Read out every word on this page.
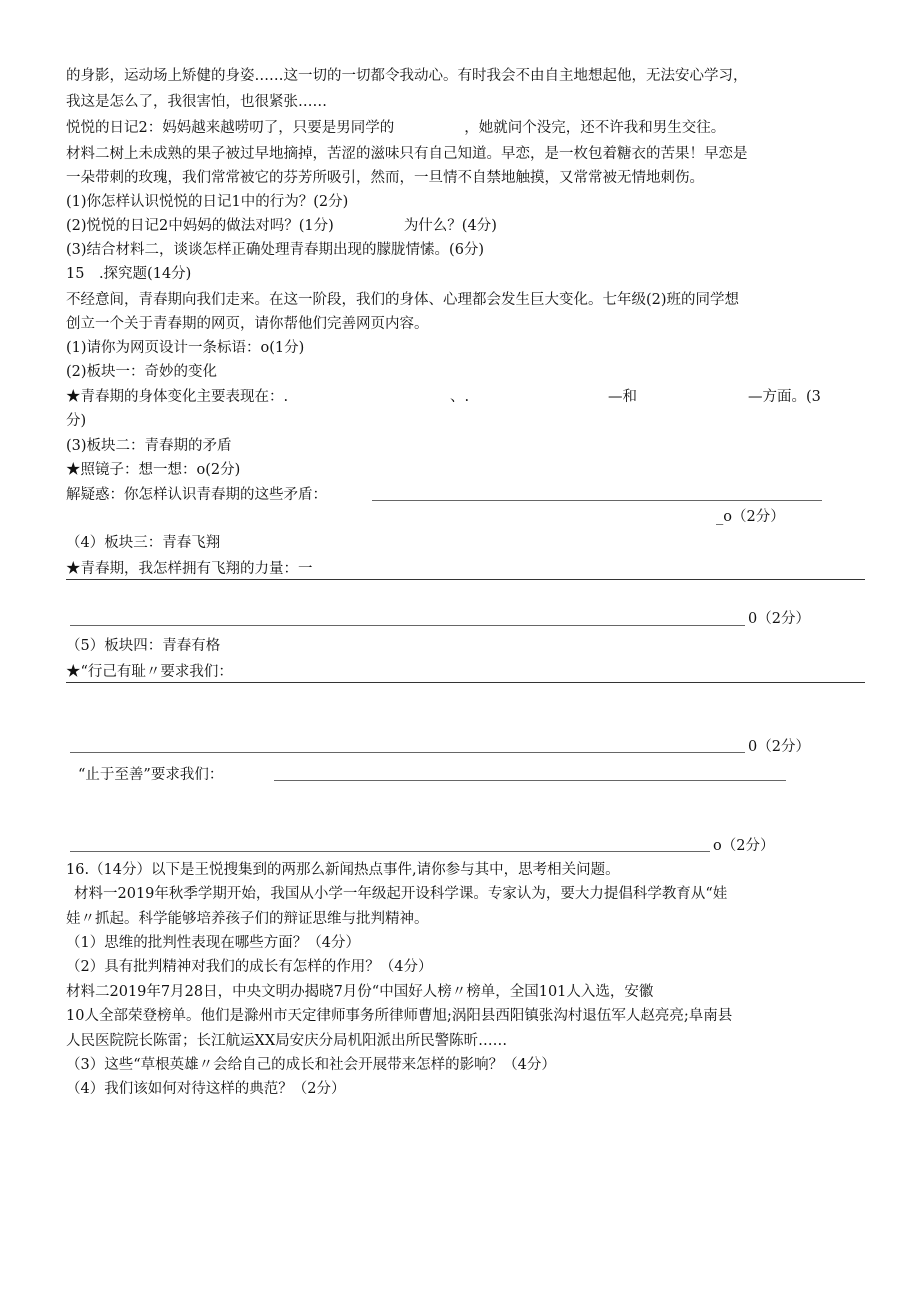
的身影，运动场上矫健的身姿……这一切的一切都令我动心。有时我会不由自主地想起他，无法安心学习，
我这是怎么了，我很害怕，也很紧张……
悦悦的日记2：妈妈越来越唠叨了，只要是男同学的	，她就问个没完，还不许我和男生交往。
材料二树上未成熟的果子被过早地摘掉，苦涩的滋味只有自己知道。早恋，是一枚包着糖衣的苦果！早恋是
一朵带刺的玫瑰，我们常常被它的芬芳所吸引，然而，一旦情不自禁地触摸，又常常被无情地刺伤。
(1)你怎样认识悦悦的日记1中的行为？(2分)
(2)悦悦的日记2中妈妈的做法对吗？(1分)	为什么？(4分)
(3)结合材料二，谈谈怎样正确处理青春期出现的朦胧情愫。(6分)
15　.探究题(14分)
不经意间，青春期向我们走来。在这一阶段，我们的身体、心理都会发生巨大变化。七年级(2)班的同学想
创立一个关于青春期的网页，请你帮他们完善网页内容。
(1)请你为网页设计一条标语：o(1分)
(2)板块一：奇妙的变化
★青春期的身体变化主要表现在：.	、.	—和	—方面。(3
分)
(3)板块二：青春期的矛盾
★照镜子：想一想：o(2分)
解疑惑：你怎样认识青春期的这些矛盾：
_o（2分）
（4）板块三：青春飞翔
★青春期，我怎样拥有飞翔的力量：一
0（2分）
（5）板块四：青春有格
★“行己有耻〃要求我们：
0（2分）
“止于至善”要求我们：
o（2分）
16.（14分）以下是王悦搜集到的两那么新闻热点事件,请你参与其中，思考相关问题。
材料一2019年秋季学期开始，我国从小学一年级起开设科学课。专家认为，要大力提倡科学教育从“娃
娃〃抓起。科学能够培养孩子们的辩证思维与批判精神。
（1）思维的批判性表现在哪些方面？（4分）
（2）具有批判精神对我们的成长有怎样的作用？（4分）
材料二2019年7月28日，中央文明办揭晓7月份“中国好人榜〃榜单，全国101人入选，安徽
10人全部荣登榜单。他们是滁州市天定律师事务所律师曹旭;涡阳县西阳镇张沟村退伍军人赵亮亮;阜南县
人民医院院长陈雷；长江航运XX局安庆分局机阳派出所民警陈昕……
（3）这些“草根英雄〃会给自己的成长和社会开展带来怎样的影响？（4分）
（4）我们该如何对待这样的典范？（2分）
